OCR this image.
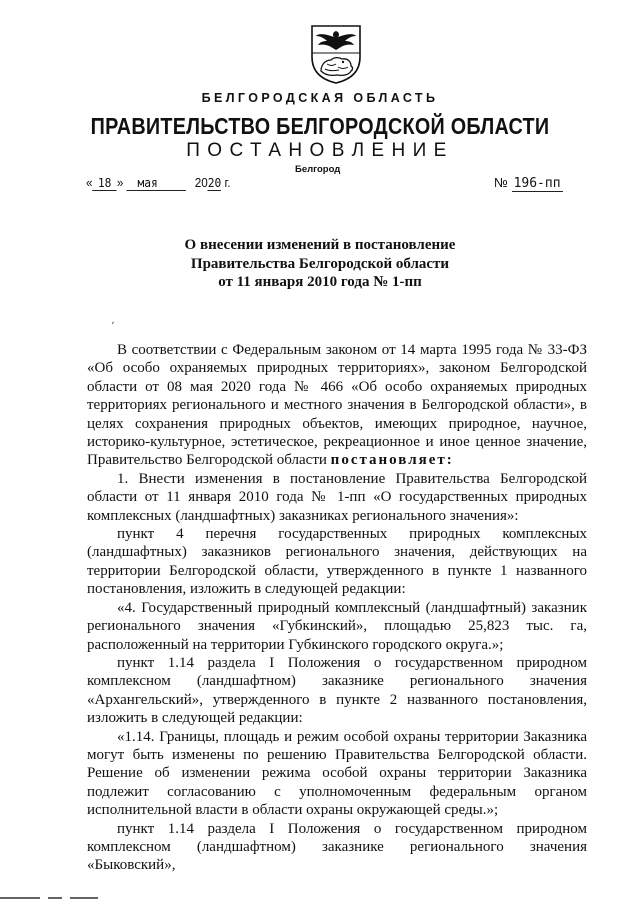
БЕЛГОРОДСКАЯ ОБЛАСТЬ
ПРАВИТЕЛЬСТВО БЕЛГОРОДСКОЙ ОБЛАСТИ
ПОСТАНОВЛЕНИЕ
Белгород
« 18 » мая	2020 г.	№ 196-пп
О внесении изменений в постановление
Правительства Белгородской области
от 11 января 2010 года № 1-пп
´

В соответствии с Федеральным законом от 14 марта 1995 года № 33-ФЗ «Об особо охраняемых природных территориях», законом Белгородской области от 08 мая 2020 года № 466 «Об особо охраняемых природных территориях регионального и местного значения в Белгородской области», в целях сохранения природных объектов, имеющих природное, научное, историко-культурное, эстетическое, рекреационное и иное ценное значение, Правительство Белгородской области постановляет:

1. Внести изменения в постановление Правительства Белгородской области от 11 января 2010 года № 1-пп «О государственных природных комплексных (ландшафтных) заказниках регионального значения»:

пункт 4 перечня государственных природных комплексных (ландшафтных) заказников регионального значения, действующих на территории Белгородской области, утвержденного в пункте 1 названного постановления, изложить в следующей редакции:

«4. Государственный природный комплексный (ландшафтный) заказник регионального значения «Губкинский», площадью 25,823 тыс. га, расположенный на территории Губкинского городского округа.»;

пункт 1.14 раздела I Положения о государственном природном комплексном (ландшафтном) заказнике регионального значения «Архангельский», утвержденного в пункте 2 названного постановления, изложить в следующей редакции:

«1.14. Границы, площадь и режим особой охраны территории Заказника могут быть изменены по решению Правительства Белгородской области. Решение об изменении режима особой охраны территории Заказника подлежит согласованию с уполномоченным федеральным органом исполнительной власти в области охраны окружающей среды.»;

пункт 1.14 раздела I Положения о государственном природном комплексном (ландшафтном) заказнике регионального значения «Быковский»,
